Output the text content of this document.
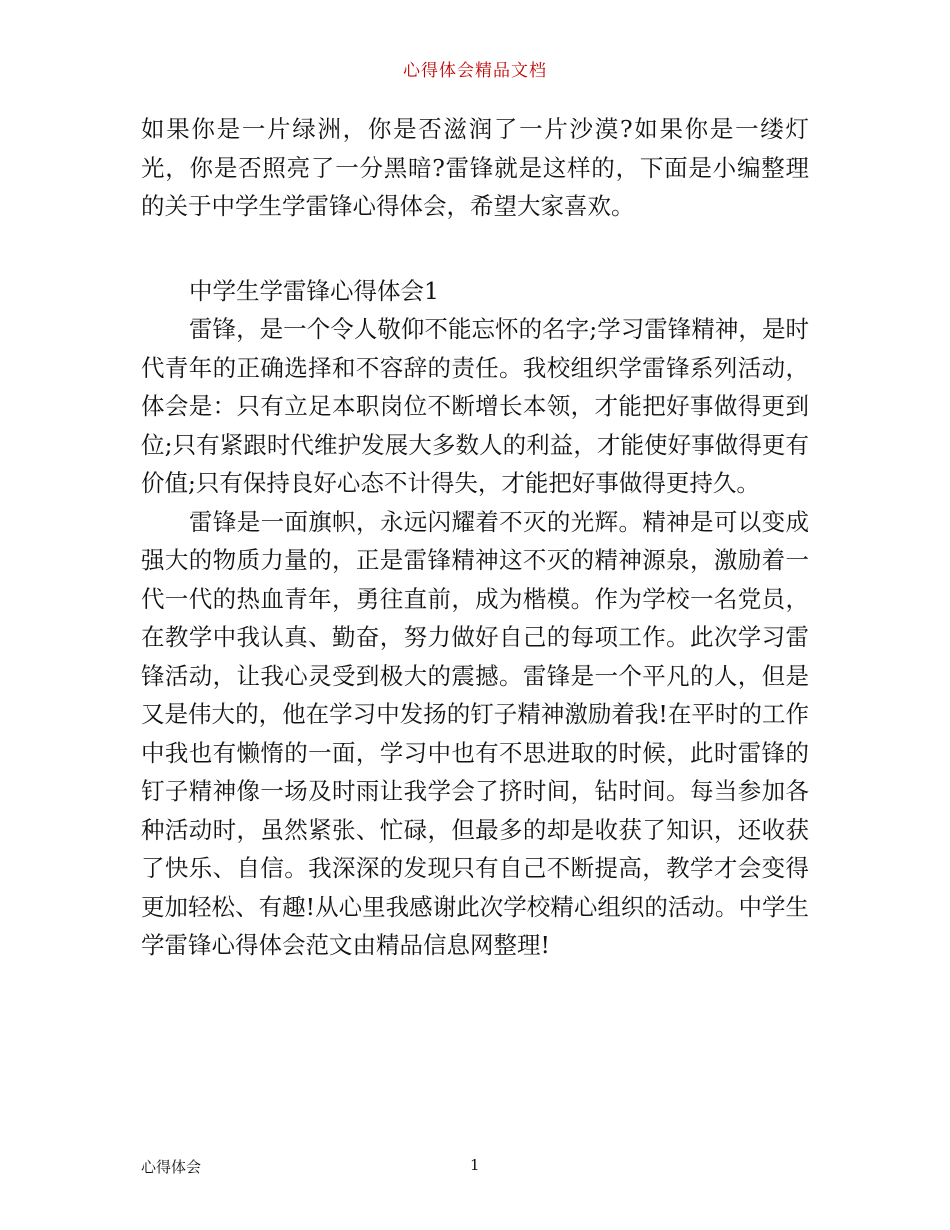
心得体会精品文档

如果你是一片绿洲，你是否滋润了一片沙漠?如果你是一缕灯光，你是否照亮了一分黑暗?雷锋就是这样的，下面是小编整理的关于中学生学雷锋心得体会，希望大家喜欢。

中学生学雷锋心得体会1

雷锋，是一个令人敬仰不能忘怀的名字;学习雷锋精神，是时代青年的正确选择和不容辞的责任。我校组织学雷锋系列活动，体会是：只有立足本职岗位不断增长本领，才能把好事做得更到位;只有紧跟时代维护发展大多数人的利益，才能使好事做得更有价值;只有保持良好心态不计得失，才能把好事做得更持久。

雷锋是一面旗帜，永远闪耀着不灭的光辉。精神是可以变成强大的物质力量的，正是雷锋精神这不灭的精神源泉，激励着一代一代的热血青年，勇往直前，成为楷模。作为学校一名党员，在教学中我认真、勤奋，努力做好自己的每项工作。此次学习雷锋活动，让我心灵受到极大的震撼。雷锋是一个平凡的人，但是又是伟大的，他在学习中发扬的钉子精神激励着我!在平时的工作中我也有懒惰的一面，学习中也有不思进取的时候，此时雷锋的钉子精神像一场及时雨让我学会了挤时间，钻时间。每当参加各种活动时，虽然紧张、忙碌，但最多的却是收获了知识，还收获了快乐、自信。我深深的发现只有自己不断提高，教学才会变得更加轻松、有趣!从心里我感谢此次学校精心组织的活动。中学生学雷锋心得体会范文由精品信息网整理!

心得体会	1
